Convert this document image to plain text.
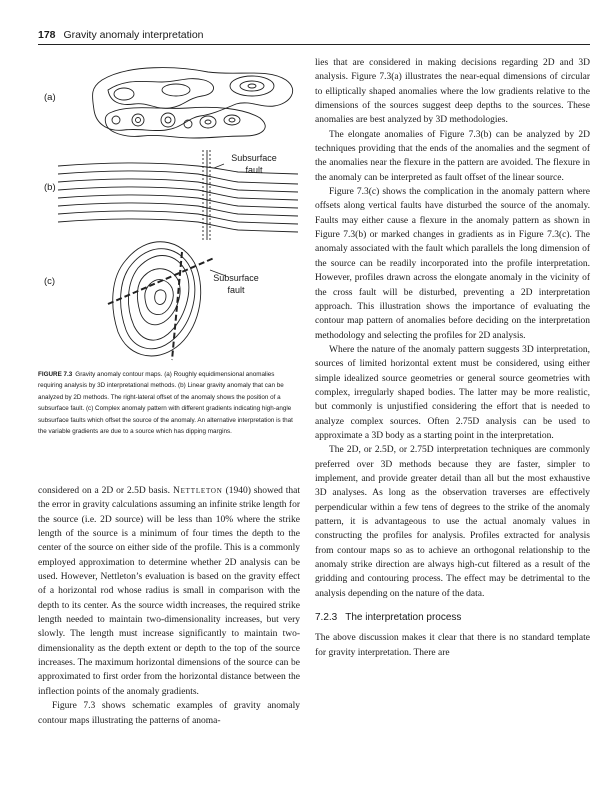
178 Gravity anomaly interpretation
(a)
(b)
(c)
Subsurface
fault
Subsurface
fault
FIGURE 7.3 Gravity anomaly contour maps. (a) Roughly equidimensional anomalies requiring analysis by 3D interpretational methods. (b) Linear gravity anomaly that can be analyzed by 2D methods. The right-lateral offset of the anomaly shows the position of a subsurface fault. (c) Complex anomaly pattern with different gradients indicating high-angle subsurface faults which offset the source of the anomaly. An alternative interpretation is that the variable gradients are due to a source which has dipping margins.

considered on a 2D or 2.5D basis. Nettleton (1940) showed that the error in gravity calculations assuming an infinite strike length for the source (i.e. 2D source) will be less than 10% where the strike length of the source is a minimum of four times the depth to the center of the source on either side of the profile. This is a commonly employed approximation to determine whether 2D analysis can be used. However, Nettleton’s evaluation is based on the gravity effect of a horizontal rod whose radius is small in comparison with the depth to its center. As the source width increases, the required strike length needed to maintain two-dimensionality increases, but very slowly. The length must increase significantly to maintain two-dimensionality as the depth extent or depth to the top of the source increases. The maximum horizontal dimensions of the source can be approximated to first order from the horizontal distance between the inflection points of the anomaly gradients.

Figure 7.3 shows schematic examples of gravity anomaly contour maps illustrating the patterns of anoma-

lies that are considered in making decisions regarding 2D and 3D analysis. Figure 7.3(a) illustrates the near-equal dimensions of circular to elliptically shaped anomalies where the low gradients relative to the dimensions of the sources suggest deep depths to the sources. These anomalies are best analyzed by 3D methodologies.

The elongate anomalies of Figure 7.3(b) can be analyzed by 2D techniques providing that the ends of the anomalies and the segment of the anomalies near the flexure in the pattern are avoided. The flexure in the anomaly can be interpreted as fault offset of the linear source.

Figure 7.3(c) shows the complication in the anomaly pattern where offsets along vertical faults have disturbed the source of the anomaly. Faults may either cause a flexure in the anomaly pattern as shown in Figure 7.3(b) or marked changes in gradients as in Figure 7.3(c). The anomaly associated with the fault which parallels the long dimension of the source can be readily incorporated into the profile interpretation. However, profiles drawn across the elongate anomaly in the vicinity of the cross fault will be disturbed, preventing a 2D interpretation approach. This illustration shows the importance of evaluating the contour map pattern of anomalies before deciding on the interpretation methodology and selecting the profiles for 2D analysis.

Where the nature of the anomaly pattern suggests 3D interpretation, sources of limited horizontal extent must be considered, using either simple idealized source geometries or general source geometries with complex, irregularly shaped bodies. The latter may be more realistic, but commonly is unjustified considering the effort that is needed to analyze complex sources. Often 2.75D analysis can be used to approximate a 3D body as a starting point in the interpretation.

The 2D, or 2.5D, or 2.75D interpretation techniques are commonly preferred over 3D methods because they are faster, simpler to implement, and provide greater detail than all but the most exhaustive 3D analyses. As long as the observation traverses are effectively perpendicular within a few tens of degrees to the strike of the anomaly pattern, it is advantageous to use the actual anomaly values in constructing the profiles for analysis. Profiles extracted for analysis from contour maps so as to achieve an orthogonal relationship to the anomaly strike direction are always high-cut filtered as a result of the gridding and contouring process. The effect may be detrimental to the analysis depending on the nature of the data.

7.2.3 The interpretation process

The above discussion makes it clear that there is no standard template for gravity interpretation. There are
